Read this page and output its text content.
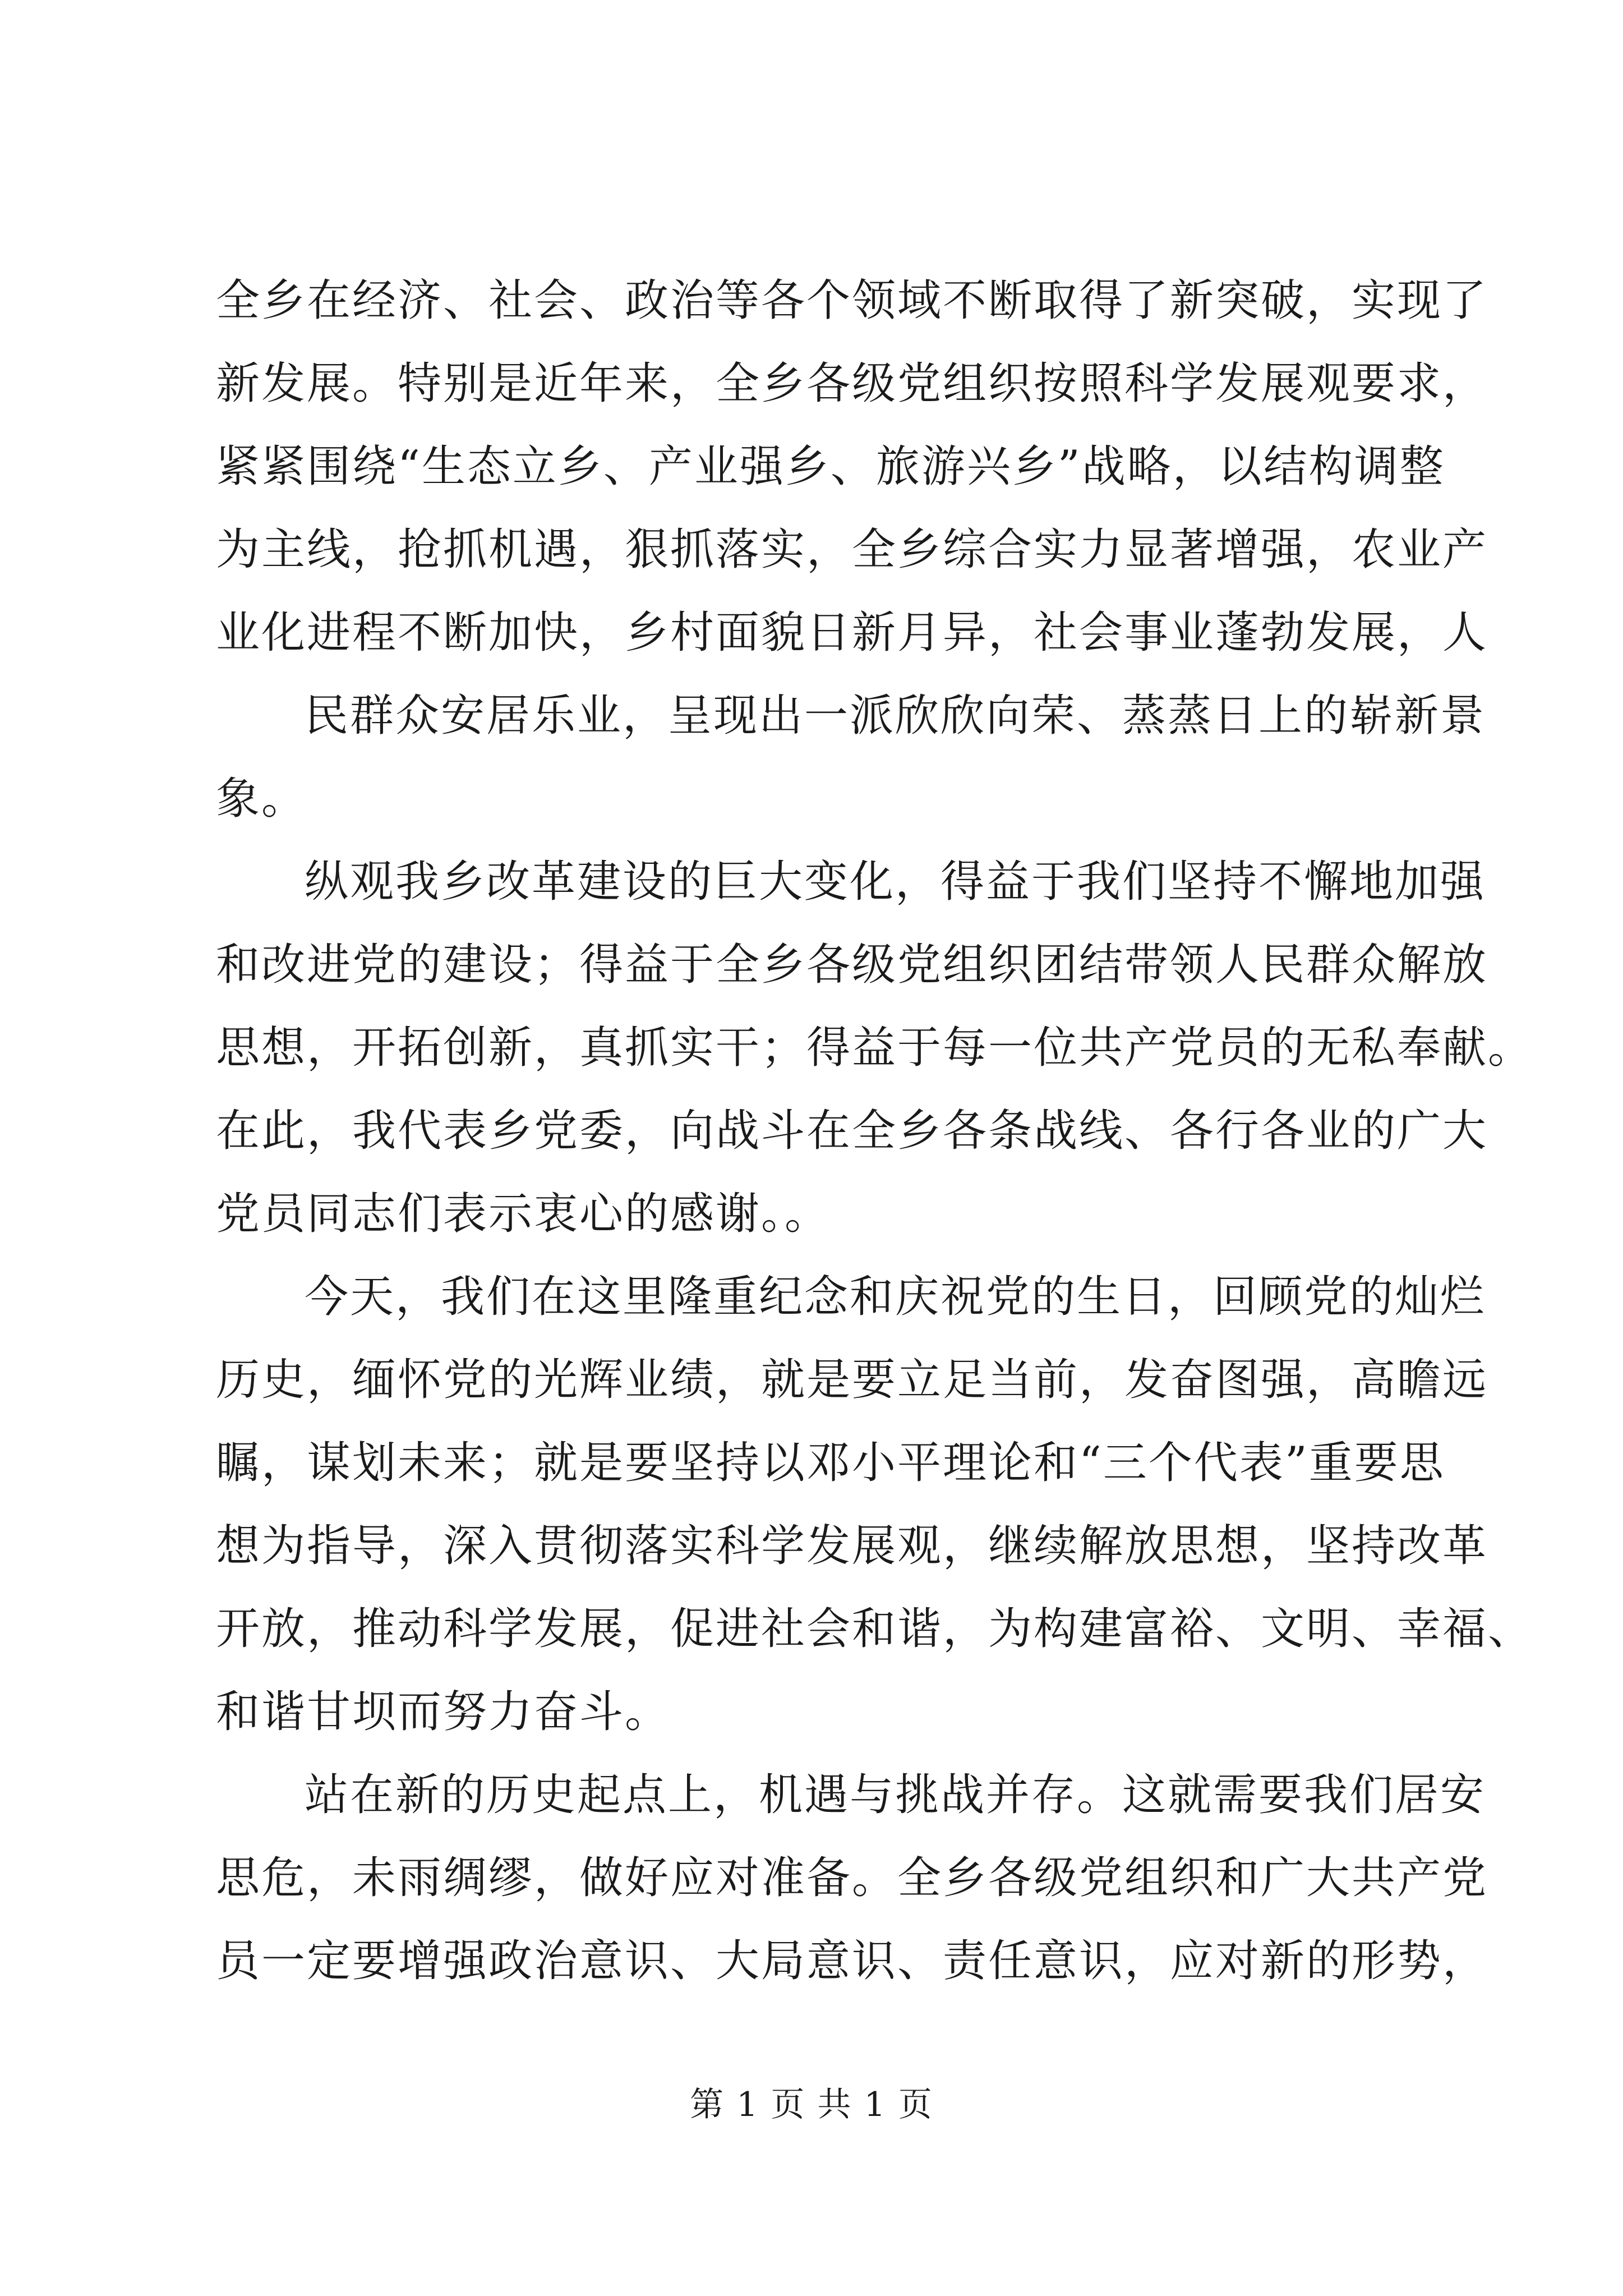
全乡在经济、社会、政治等各个领域不断取得了新突破，实现了
新发展。特别是近年来，全乡各级党组织按照科学发展观要求，
紧紧围绕“生态立乡、产业强乡、旅游兴乡”战略，以结构调整
为主线，抢抓机遇，狠抓落实，全乡综合实力显著增强，农业产
业化进程不断加快，乡村面貌日新月异，社会事业蓬勃发展，人
民群众安居乐业，呈现出一派欣欣向荣、蒸蒸日上的崭新景
象。
纵观我乡改革建设的巨大变化，得益于我们坚持不懈地加强
和改进党的建设；得益于全乡各级党组织团结带领人民群众解放
思想，开拓创新，真抓实干；得益于每一位共产党员的无私奉献。
在此，我代表乡党委，向战斗在全乡各条战线、各行各业的广大
党员同志们表示衷心的感谢。。
今天，我们在这里隆重纪念和庆祝党的生日，回顾党的灿烂
历史，缅怀党的光辉业绩，就是要立足当前，发奋图强，高瞻远
瞩，谋划未来；就是要坚持以邓小平理论和“三个代表”重要思
想为指导，深入贯彻落实科学发展观，继续解放思想，坚持改革
开放，推动科学发展，促进社会和谐，为构建富裕、文明、幸福、
和谐甘坝而努力奋斗。
站在新的历史起点上，机遇与挑战并存。这就需要我们居安
思危，未雨绸缪，做好应对准备。全乡各级党组织和广大共产党
员一定要增强政治意识、大局意识、责任意识，应对新的形势，
第 1 页 共 1 页
